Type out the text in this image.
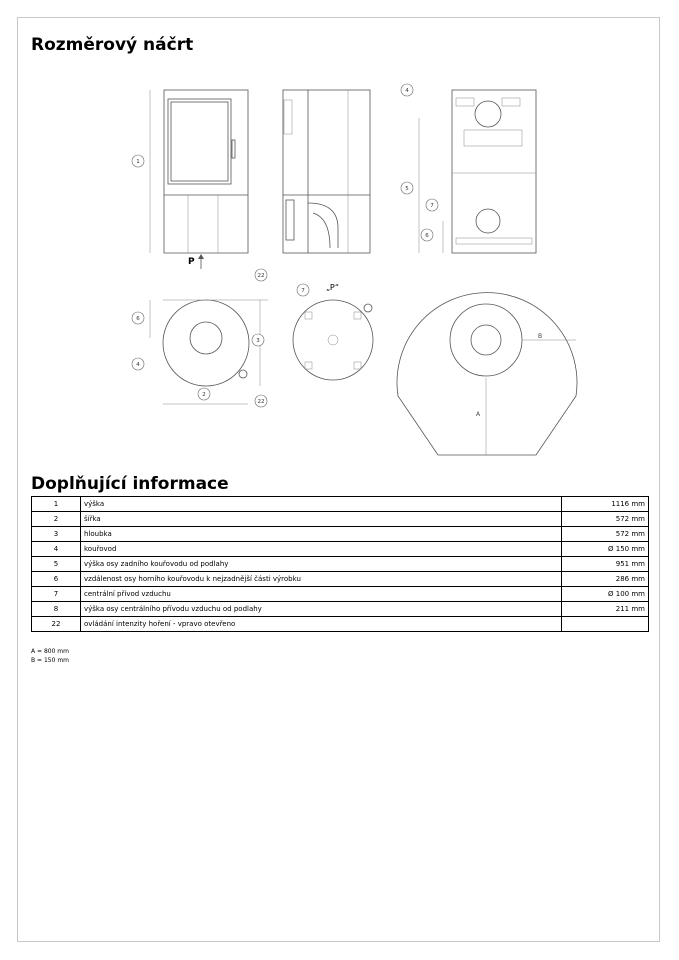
Rozměrový náčrt
1
22
4
5
7
6
6
4
3
2
22
7
P
„P“
A
B
Doplňující informace
1	výška	1116 mm
2	šířka	572 mm
3	hloubka	572 mm
4	kouřovod	Ø 150 mm
5	výška osy zadního kouřovodu od podlahy	951 mm
6	vzdálenost osy horního kouřovodu k nejzadnější části výrobku	286 mm
7	centrální přívod vzduchu	Ø 100 mm
8	výška osy centrálního přívodu vzduchu od podlahy	211 mm
22	ovládání intenzity hoření - vpravo otevřeno	
A = 800 mm
B = 150 mm
